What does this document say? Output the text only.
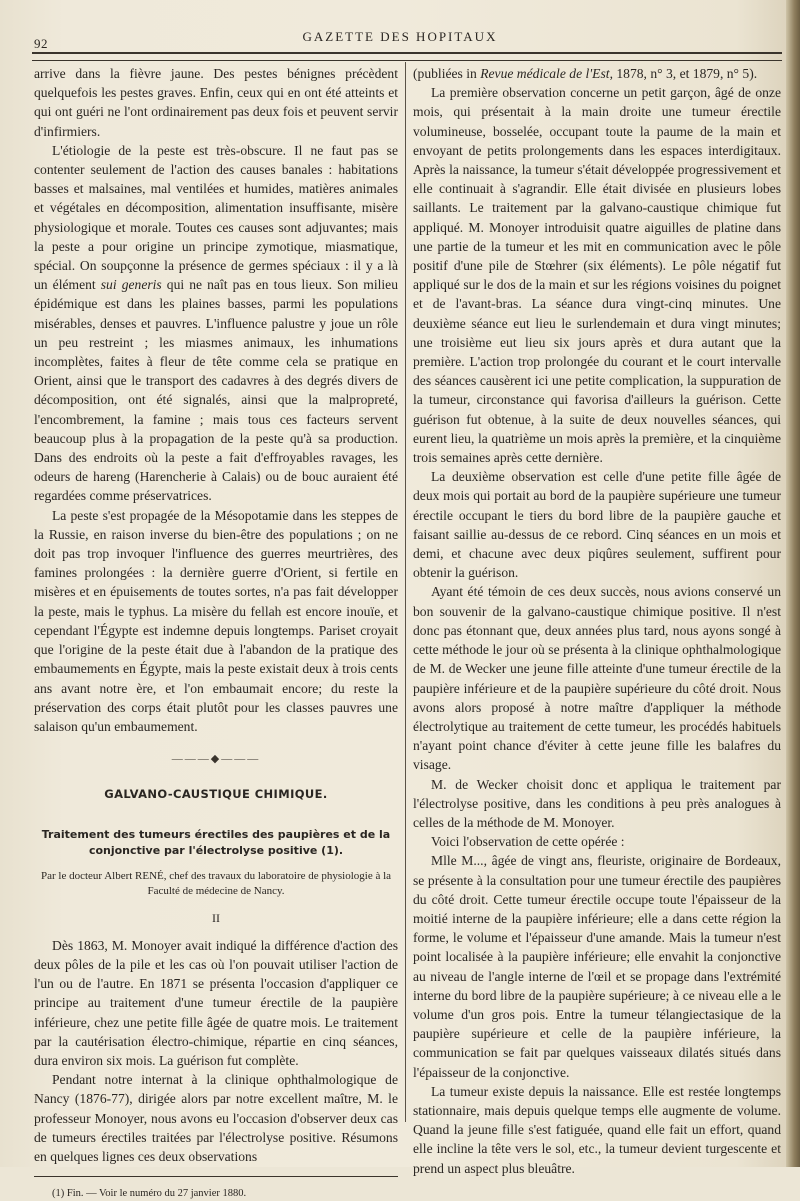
92	GAZETTE DES HOPITAUX

arrive dans la fièvre jaune. Des pestes bénignes précèdent quelquefois les pestes graves. Enfin, ceux qui en ont été atteints et qui ont guéri ne l'ont ordinairement pas deux fois et peuvent servir d'infirmiers.

L'étiologie de la peste est très-obscure. Il ne faut pas se contenter seulement de l'action des causes banales : habitations basses et malsaines, mal ventilées et humides, matières animales et végétales en décomposition, alimentation insuffisante, misère physiologique et morale. Toutes ces causes sont adjuvantes; mais la peste a pour origine un principe zymotique, miasmatique, spécial. On soupçonne la présence de germes spéciaux : il y a là un élément sui generis qui ne naît pas en tous lieux. Son milieu épidémique est dans les plaines basses, parmi les populations misérables, denses et pauvres. L'influence palustre y joue un rôle un peu restreint ; les miasmes animaux, les inhumations incomplètes, faites à fleur de tête comme cela se pratique en Orient, ainsi que le transport des cadavres à des degrés divers de décomposition, ont été signalés, ainsi que la malpropreté, l'encombrement, la famine ; mais tous ces facteurs servent beaucoup plus à la propagation de la peste qu'à sa production. Dans des endroits où la peste a fait d'effroyables ravages, les odeurs de hareng (Harencherie à Calais) ou de bouc auraient été regardées comme préservatrices.

La peste s'est propagée de la Mésopotamie dans les steppes de la Russie, en raison inverse du bien-être des populations ; on ne doit pas trop invoquer l'influence des guerres meurtrières, des famines prolongées : la dernière guerre d'Orient, si fertile en misères et en épuisements de toutes sortes, n'a pas fait développer la peste, mais le typhus. La misère du fellah est encore inouïe, et cependant l'Égypte est indemne depuis longtemps. Pariset croyait que l'origine de la peste était due à l'abandon de la pratique des embaumements en Égypte, mais la peste existait deux à trois cents ans avant notre ère, et l'on embaumait encore; du reste la préservation des corps était plutôt pour les classes pauvres une salaison qu'un embaumement.

———◆———
GALVANO-CAUSTIQUE CHIMIQUE.
Traitement des tumeurs érectiles des paupières et de la conjonctive par l'électrolyse positive (1).
Par le docteur Albert RENÉ, chef des travaux du laboratoire de physiologie à la Faculté de médecine de Nancy.
II

Dès 1863, M. Monoyer avait indiqué la différence d'action des deux pôles de la pile et les cas où l'on pouvait utiliser l'action de l'un ou de l'autre. En 1871 se présenta l'occasion d'appliquer ce principe au traitement d'une tumeur érectile de la paupière inférieure, chez une petite fille âgée de quatre mois. Le traitement par la cautérisation électro-chimique, répartie en cinq séances, dura environ six mois. La guérison fut complète.

Pendant notre internat à la clinique ophthalmologique de Nancy (1876-77), dirigée alors par notre excellent maître, M. le professeur Monoyer, nous avons eu l'occasion d'observer deux cas de tumeurs érectiles traitées par l'électrolyse positive. Résumons en quelques lignes ces deux observations

(1) Fin. — Voir le numéro du 27 janvier 1880.

(publiées in Revue médicale de l'Est, 1878, n° 3, et 1879, n° 5).

La première observation concerne un petit garçon, âgé de onze mois, qui présentait à la main droite une tumeur érectile volumineuse, bosselée, occupant toute la paume de la main et envoyant de petits prolongements dans les espaces interdigitaux. Après la naissance, la tumeur s'était développée progressivement et elle continuait à s'agrandir. Elle était divisée en plusieurs lobes saillants. Le traitement par la galvano-caustique chimique fut appliqué. M. Monoyer introduisit quatre aiguilles de platine dans une partie de la tumeur et les mit en communication avec le pôle positif d'une pile de Stœhrer (six éléments). Le pôle négatif fut appliqué sur le dos de la main et sur les régions voisines du poignet et de l'avant-bras. La séance dura vingt-cinq minutes. Une deuxième séance eut lieu le surlendemain et dura vingt minutes; une troisième eut lieu six jours après et dura autant que la première. L'action trop prolongée du courant et le court intervalle des séances causèrent ici une petite complication, la suppuration de la tumeur, circonstance qui favorisa d'ailleurs la guérison. Cette guérison fut obtenue, à la suite de deux nouvelles séances, qui eurent lieu, la quatrième un mois après la première, et la cinquième trois semaines après cette dernière.

La deuxième observation est celle d'une petite fille âgée de deux mois qui portait au bord de la paupière supérieure une tumeur érectile occupant le tiers du bord libre de la paupière gauche et faisant saillie au-dessus de ce rebord. Cinq séances en un mois et demi, et chacune avec deux piqûres seulement, suffirent pour obtenir la guérison.

Ayant été témoin de ces deux succès, nous avions conservé un bon souvenir de la galvano-caustique chimique positive. Il n'est donc pas étonnant que, deux années plus tard, nous ayons songé à cette méthode le jour où se présenta à la clinique ophthalmologique de M. de Wecker une jeune fille atteinte d'une tumeur érectile de la paupière inférieure et de la paupière supérieure du côté droit. Nous avons alors proposé à notre maître d'appliquer la méthode électrolytique au traitement de cette tumeur, les procédés habituels n'ayant point chance d'éviter à cette jeune fille les balafres du visage.

M. de Wecker choisit donc et appliqua le traitement par l'électrolyse positive, dans les conditions à peu près analogues à celles de la méthode de M. Monoyer.

Voici l'observation de cette opérée :

Mlle M..., âgée de vingt ans, fleuriste, originaire de Bordeaux, se présente à la consultation pour une tumeur érectile des paupières du côté droit. Cette tumeur érectile occupe toute l'épaisseur de la moitié interne de la paupière inférieure; elle a dans cette région la forme, le volume et l'épaisseur d'une amande. Mais la tumeur n'est point localisée à la paupière inférieure; elle envahit la conjonctive au niveau de l'angle interne de l'œil et se propage dans l'extrémité interne du bord libre de la paupière supérieure; à ce niveau elle a le volume d'un gros pois. Entre la tumeur télangiectasique de la paupière supérieure et celle de la paupière inférieure, la communication se fait par quelques vaisseaux dilatés situés dans l'épaisseur de la conjonctive.

La tumeur existe depuis la naissance. Elle est restée longtemps stationnaire, mais depuis quelque temps elle augmente de volume. Quand la jeune fille s'est fatiguée, quand elle fait un effort, quand elle incline la tête vers le sol, etc., la tumeur devient turgescente et prend un aspect plus bleuâtre.
